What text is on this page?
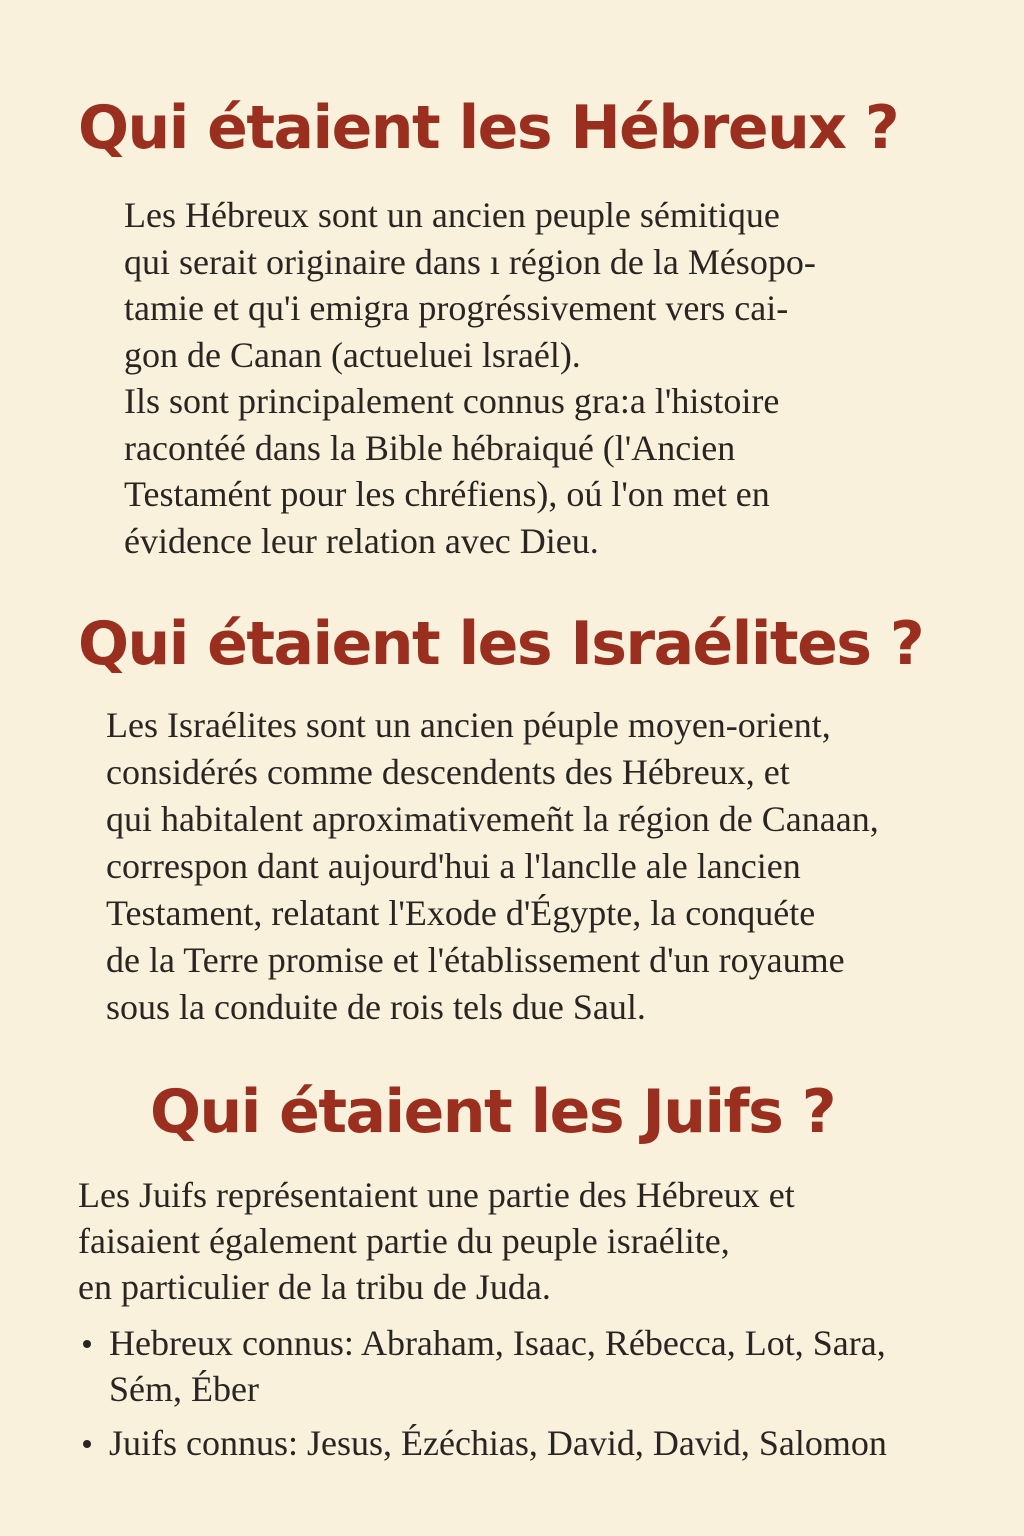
Qui étaient les Hébreux ?
Les Hébreux sont un ancien peuple sémitique
qui serait originaire dans ı région de la Mésopo-
tamie et qu'i emigra progréssivement vers cai-
gon de Canan (actueluei lsraél).
Ils sont principalement connus gra:a l'histoire
racontéé dans la Bible hébraiqué (l'Ancien
Testamént pour les chréfiens), oú l'on met en
évidence leur relation avec Dieu.
Qui étaient les Israélites ?
Les Israélites sont un ancien péuple moyen-orient,
considérés comme descendents des Hébreux, et
qui habitalent aproximativemeñt la région de Canaan,
correspon dant aujourd'hui a l'lanclle ale lancien
Testament, relatant l'Exode d'Égypte, la conquéte
de la Terre promise et l'établissement d'un royaume
sous la conduite de rois tels due Saul.
Qui étaient les Juifs ?
Les Juifs représentaient une partie des Hébreux et
faisaient également partie du peuple israélite,
en particulier de la tribu de Juda.
Hebreux connus: Abraham, Isaac, Rébecca, Lot, Sara,
Sém, Éber
Juifs connus: Jesus, Ézéchias, David, David, Salomon
